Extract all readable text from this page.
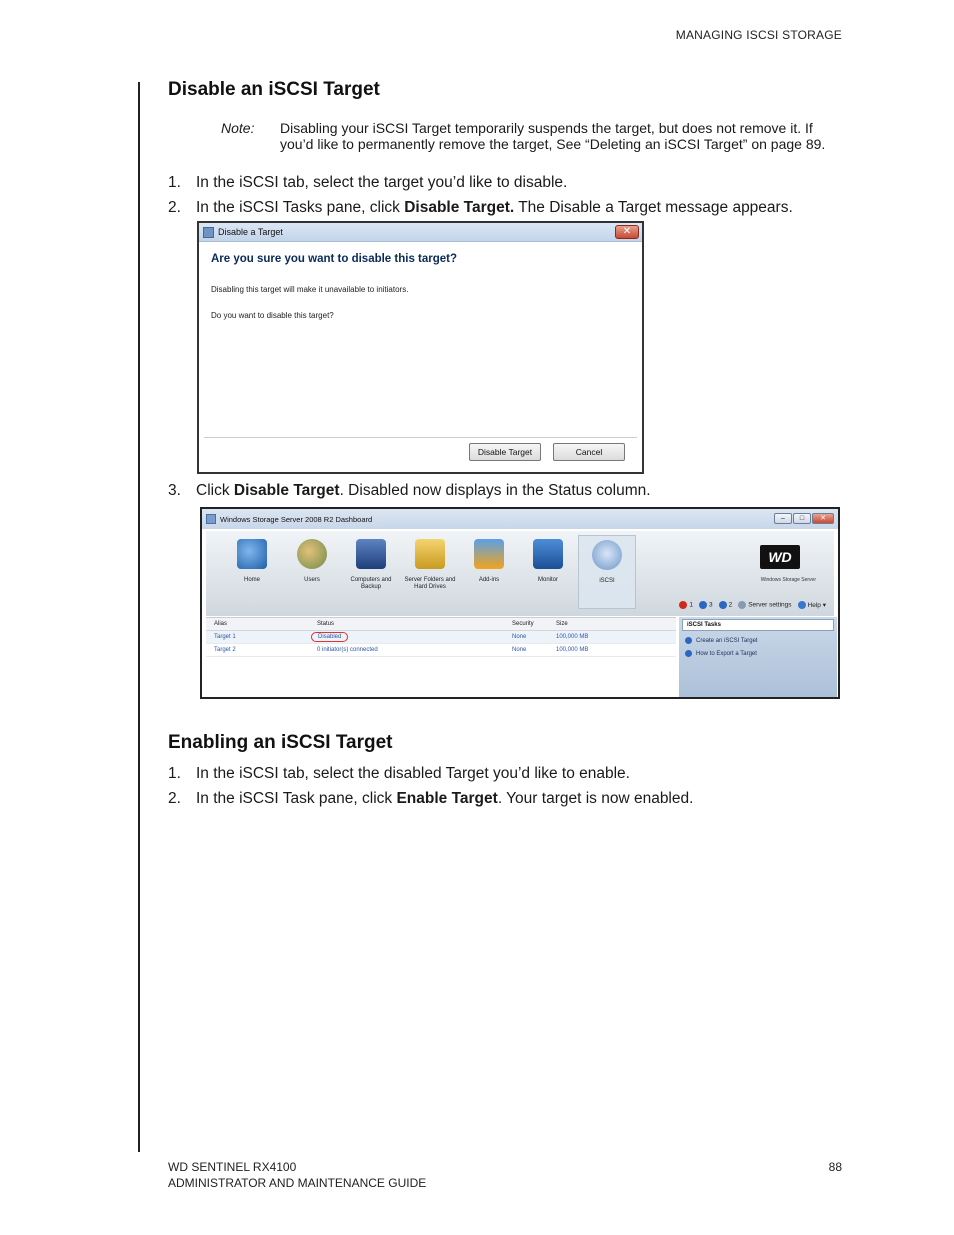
MANAGING ISCSI STORAGE
Disable an iSCSI Target
Note: Disabling your iSCSI Target temporarily suspends the target, but does not remove it. If you’d like to permanently remove the target, See “Deleting an iSCSI Target” on page 89.
1. In the iSCSI tab, select the target you’d like to disable.
2. In the iSCSI Tasks pane, click Disable Target. The Disable a Target message appears.
Disable a Target	✕
Are you sure you want to disable this target?
Disabling this target will make it unavailable to initiators.
Do you want to disable this target?
Disable Target	Cancel
3. Click Disable Target. Disabled now displays in the Status column.
Windows Storage Server 2008 R2 Dashboard	–	□	✕
Home	Users	Computers and Backup
Server Folders and Hard Drives
Add-ins	Monitor	iSCSI
WD
Windows Storage Server
1	3	2	Server settings	Help ▾
Alias	Status	Security	Size
Target 1	Disabled	None	100,000 MB
Target 2	0 initiator(s) connected	None	100,000 MB
iSCSI Tasks
Create an iSCSI Target
How to Export a Target
Enabling an iSCSI Target
1. In the iSCSI tab, select the disabled Target you’d like to enable.
2. In the iSCSI Task pane, click Enable Target. Your target is now enabled.
WD SENTINEL RX4100
ADMINISTRATOR AND MAINTENANCE GUIDE
88
